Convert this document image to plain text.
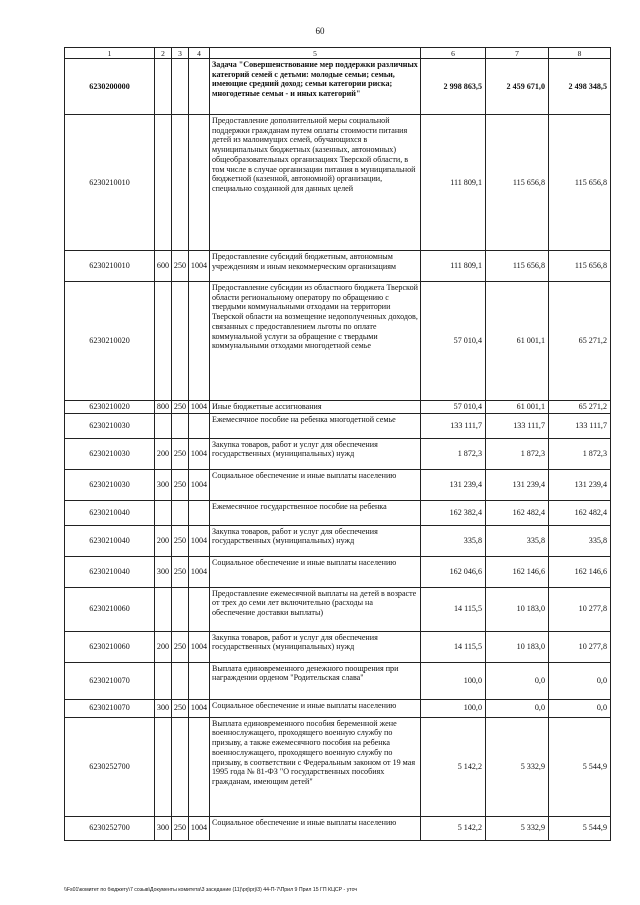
60
1	2	3	4	5	6	7	8
6230200000				Задача "Совершенствование мер поддержки различных категорий семей с детьми: молодые семьи; семьи, имеющие средний доход; семьи категории риска; многодетные семьи - и иных категорий"	2 998 863,5	2 459 671,0	2 498 348,5
6230210010				Предоставление дополнительной меры социальной поддержки гражданам путем оплаты стоимости питания детей из малоимущих семей, обучающихся в муниципальных бюджетных (казенных, автономных) общеобразовательных организациях Тверской области, в том числе в случае организации питания в муниципальной бюджетной (казенной, автономной) организации, специально созданной для данных целей	111 809,1	115 656,8	115 656,8
6230210010	600	250	1004	Предоставление субсидий бюджетным, автономным учреждениям и иным некоммерческим организациям	111 809,1	115 656,8	115 656,8
6230210020				Предоставление субсидии из областного бюджета Тверской области региональному оператору по обращению с твердыми коммунальными отходами на территории Тверской области на возмещение недополученных доходов, связанных с предоставлением льготы по оплате коммунальной услуги за обращение с твердыми коммунальными отходами многодетной семье	57 010,4	61 001,1	65 271,2
6230210020	800	250	1004	Иные бюджетные ассигнования	57 010,4	61 001,1	65 271,2
6230210030				Ежемесячное пособие на ребенка многодетной семье	133 111,7	133 111,7	133 111,7
6230210030	200	250	1004	Закупка товаров, работ и услуг для обеспечения государственных (муниципальных) нужд	1 872,3	1 872,3	1 872,3
6230210030	300	250	1004	Социальное обеспечение и иные выплаты населению	131 239,4	131 239,4	131 239,4
6230210040				Ежемесячное государственное пособие на ребенка	162 382,4	162 482,4	162 482,4
6230210040	200	250	1004	Закупка товаров, работ и услуг для обеспечения государственных (муниципальных) нужд	335,8	335,8	335,8
6230210040	300	250	1004	Социальное обеспечение и иные выплаты населению	162 046,6	162 146,6	162 146,6
6230210060				Предоставление ежемесячной выплаты на детей в возрасте от трех до семи лет включительно (расходы на обеспечение доставки выплаты)	14 115,5	10 183,0	10 277,8
6230210060	200	250	1004	Закупка товаров, работ и услуг для обеспечения государственных (муниципальных) нужд	14 115,5	10 183,0	10 277,8
6230210070				Выплата единовременного денежного поощрения при награждении орденом "Родительская слава"	100,0	0,0	0,0
6230210070	300	250	1004	Социальное обеспечение и иные выплаты населению	100,0	0,0	0,0
6230252700				Выплата единовременного пособия беременной жене военнослужащего, проходящего военную службу по призыву, а также ежемесячного пособия на ребенка военнослужащего, проходящего военную службу по призыву, в соответствии с Федеральным законом от 19 мая 1995 года № 81-ФЗ "О государственных пособиях гражданам, имеющим детей"	5 142,2	5 332,9	5 544,9
6230252700	300	250	1004	Социальное обеспечение и иные выплаты населению	5 142,2	5 332,9	5 544,9
\\Fs01\комитет по бюджету\7 созыв\Документы комитета\3 заседание (11)\prj\prj\3) 44-П-7\Прил 9 Прил 15 ГП КЦСР - уточ
